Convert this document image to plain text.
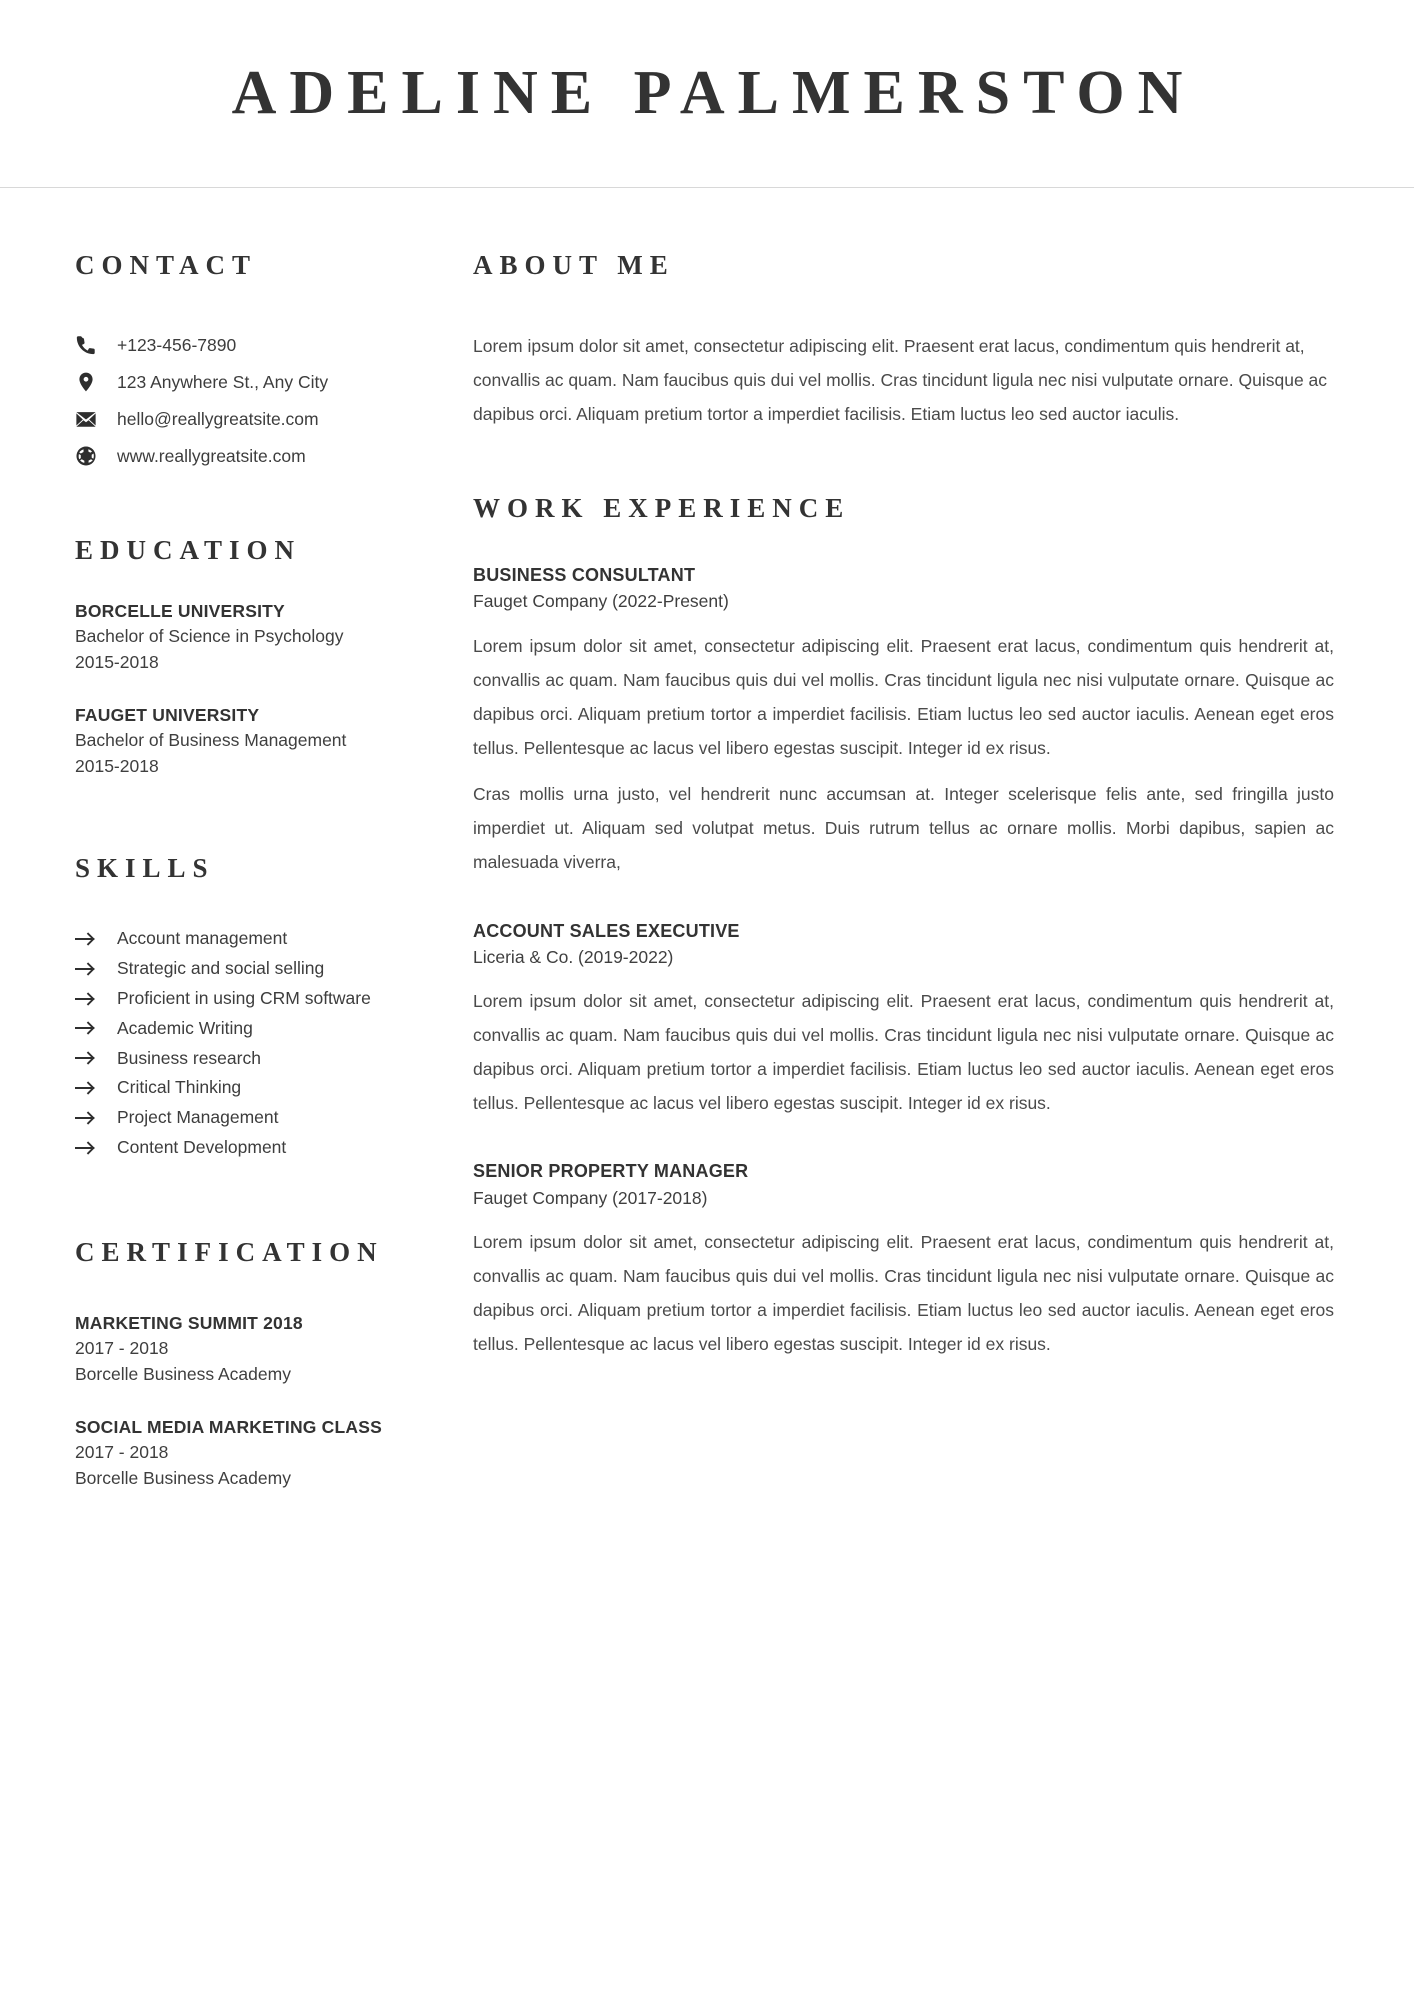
ADELINE PALMERSTON
CONTACT
+123-456-7890
123 Anywhere St., Any City
hello@reallygreatsite.com
www.reallygreatsite.com
EDUCATION
BORCELLE UNIVERSITY
Bachelor of Science in Psychology
2015-2018
FAUGET UNIVERSITY
Bachelor of Business Management
2015-2018
SKILLS
Account management
Strategic and social selling
Proficient in using CRM software
Academic Writing
Business research
Critical Thinking
Project Management
Content Development
CERTIFICATION
MARKETING SUMMIT 2018
2017 - 2018
Borcelle Business Academy
SOCIAL MEDIA MARKETING CLASS
2017 - 2018
Borcelle Business Academy
ABOUT ME

Lorem ipsum dolor sit amet, consectetur adipiscing elit. Praesent erat lacus, condimentum quis hendrerit at, convallis ac quam. Nam faucibus quis dui vel mollis. Cras tincidunt ligula nec nisi vulputate ornare. Quisque ac dapibus orci. Aliquam pretium tortor a imperdiet facilisis. Etiam luctus leo sed auctor iaculis.

WORK EXPERIENCE
BUSINESS CONSULTANT
Fauget Company (2022-Present)

Lorem ipsum dolor sit amet, consectetur adipiscing elit. Praesent erat lacus, condimentum quis hendrerit at, convallis ac quam. Nam faucibus quis dui vel mollis. Cras tincidunt ligula nec nisi vulputate ornare. Quisque ac dapibus orci. Aliquam pretium tortor a imperdiet facilisis. Etiam luctus leo sed auctor iaculis. Aenean eget eros tellus. Pellentesque ac lacus vel libero egestas suscipit. Integer id ex risus.

Cras mollis urna justo, vel hendrerit nunc accumsan at. Integer scelerisque felis ante, sed fringilla justo imperdiet ut. Aliquam sed volutpat metus. Duis rutrum tellus ac ornare mollis. Morbi dapibus, sapien ac malesuada viverra,

ACCOUNT SALES EXECUTIVE
Liceria & Co. (2019-2022)

Lorem ipsum dolor sit amet, consectetur adipiscing elit. Praesent erat lacus, condimentum quis hendrerit at, convallis ac quam. Nam faucibus quis dui vel mollis. Cras tincidunt ligula nec nisi vulputate ornare. Quisque ac dapibus orci. Aliquam pretium tortor a imperdiet facilisis. Etiam luctus leo sed auctor iaculis. Aenean eget eros tellus. Pellentesque ac lacus vel libero egestas suscipit. Integer id ex risus.

SENIOR PROPERTY MANAGER
Fauget Company (2017-2018)

Lorem ipsum dolor sit amet, consectetur adipiscing elit. Praesent erat lacus, condimentum quis hendrerit at, convallis ac quam. Nam faucibus quis dui vel mollis. Cras tincidunt ligula nec nisi vulputate ornare. Quisque ac dapibus orci. Aliquam pretium tortor a imperdiet facilisis. Etiam luctus leo sed auctor iaculis. Aenean eget eros tellus. Pellentesque ac lacus vel libero egestas suscipit. Integer id ex risus.
